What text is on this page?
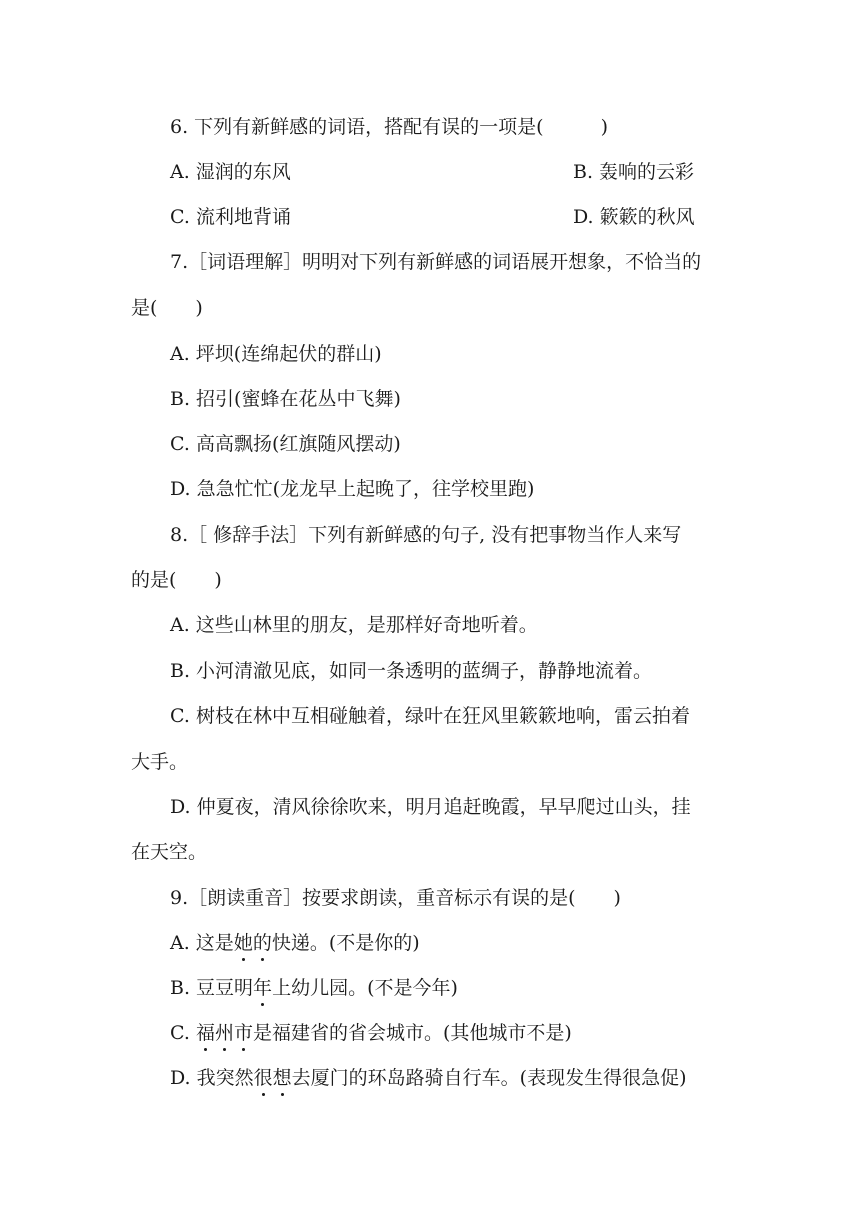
6. 下列有新鲜感的词语，搭配有误的一项是(　　　)
A. 湿润的东风	B. 轰响的云彩
C. 流利地背诵	D. 簌簌的秋风
7.［词语理解］明明对下列有新鲜感的词语展开想象，不恰当的
是(　　)
A. 坪坝(连绵起伏的群山)
B. 招引(蜜蜂在花丛中飞舞)
C. 高高飘扬(红旗随风摆动)
D. 急急忙忙(龙龙早上起晚了，往学校里跑)
8.［ 修辞手法］下列有新鲜感的句子, 没有把事物当作人来写
的是(　　)
A. 这些山林里的朋友，是那样好奇地听着。
B. 小河清澈见底，如同一条透明的蓝绸子，静静地流着。
C. 树枝在林中互相碰触着，绿叶在狂风里簌簌地响，雷云拍着
大手。
D. 仲夏夜，清风徐徐吹来，明月追赶晚霞，早早爬过山头，挂
在天空。
9.［朗读重音］按要求朗读，重音标示有误的是(　　)
A. 这是她的快递。(不是你的)
B. 豆豆明年上幼儿园。(不是今年)
C. 福州市是福建省的省会城市。(其他城市不是)
D. 我突然很想去厦门的环岛路骑自行车。(表现发生得很急促)
